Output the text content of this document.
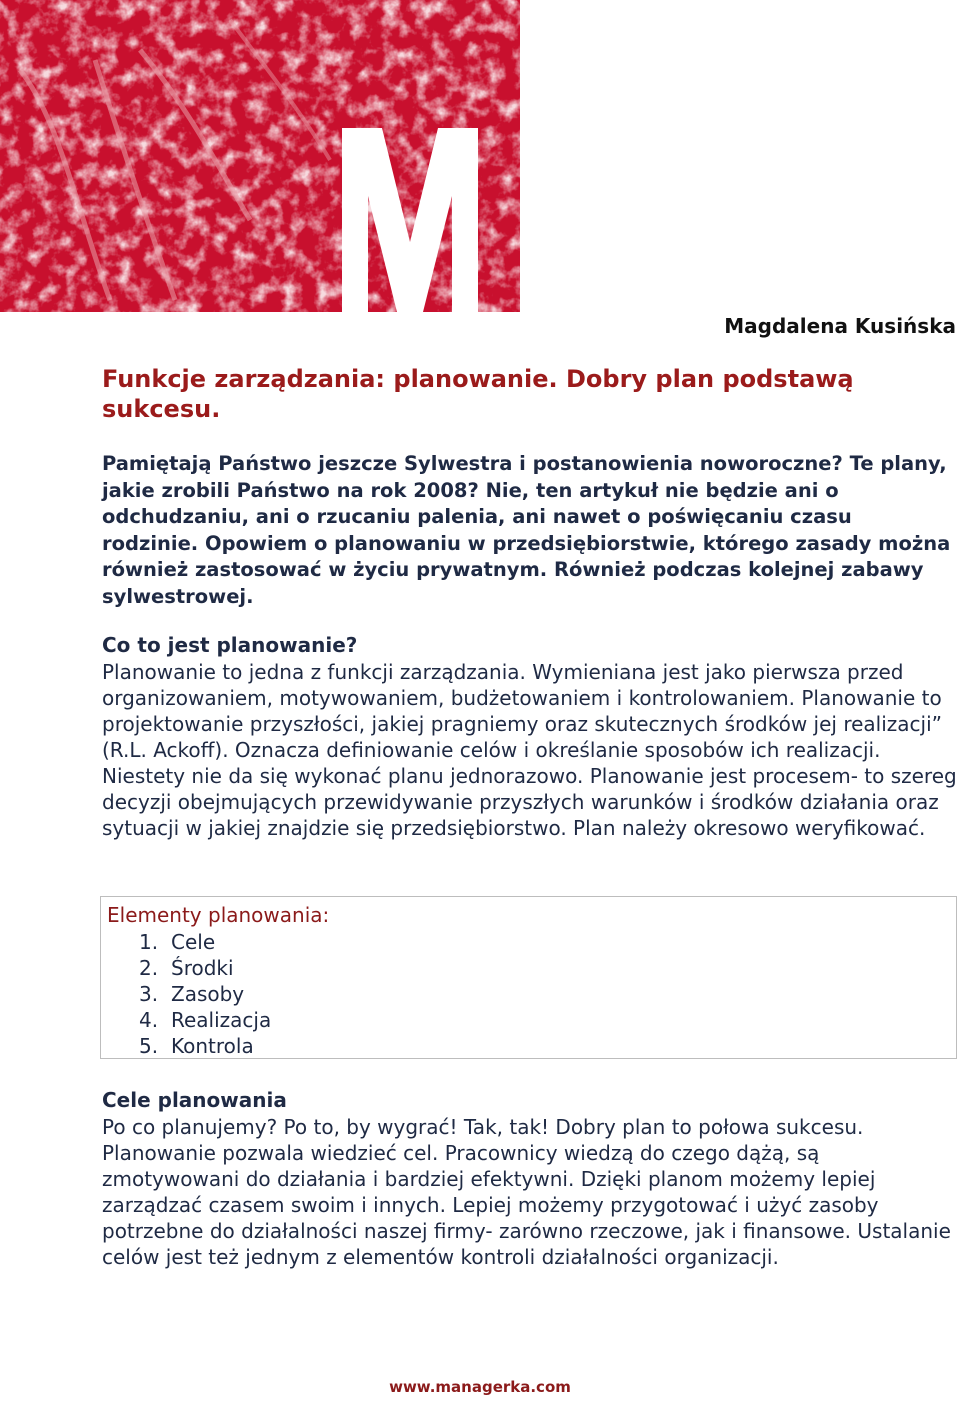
Magdalena Kusińska
Funkcje zarządzania: planowanie. Dobry plan podstawą sukcesu.

Pamiętają Państwo jeszcze Sylwestra i postanowienia noworoczne? Te plany, jakie zrobili Państwo na rok 2008? Nie, ten artykuł nie będzie ani o odchudzaniu, ani o rzucaniu palenia, ani nawet o poświęcaniu czasu rodzinie. Opowiem o planowaniu w przedsiębiorstwie, którego zasady można również zastosować w życiu prywatnym. Również podczas kolejnej zabawy sylwestrowej.

Co to jest planowanie?

Planowanie to jedna z funkcji zarządzania. Wymieniana jest jako pierwsza przed organizowaniem, motywowaniem, budżetowaniem i kontrolowaniem. Planowanie to projektowanie przyszłości, jakiej pragniemy oraz skutecznych środków jej realizacji” (R.L. Ackoff). Oznacza definiowanie celów i określanie sposobów ich realizacji. Niestety nie da się wykonać planu jednorazowo. Planowanie jest procesem- to szereg decyzji obejmujących przewidywanie przyszłych warunków i środków działania oraz sytuacji w jakiej znajdzie się przedsiębiorstwo. Plan należy okresowo weryfikować.

Elementy planowania:
1. Cele
2. Środki
3. Zasoby
4. Realizacja
5. Kontrola
Cele planowania

Po co planujemy? Po to, by wygrać! Tak, tak! Dobry plan to połowa sukcesu. Planowanie pozwala wiedzieć cel. Pracownicy wiedzą do czego dążą, są zmotywowani do działania i bardziej efektywni. Dzięki planom możemy lepiej zarządzać czasem swoim i innych. Lepiej możemy przygotować i użyć zasoby potrzebne do działalności naszej firmy- zarówno rzeczowe, jak i finansowe. Ustalanie celów jest też jednym z elementów kontroli działalności organizacji.

www.managerka.com
